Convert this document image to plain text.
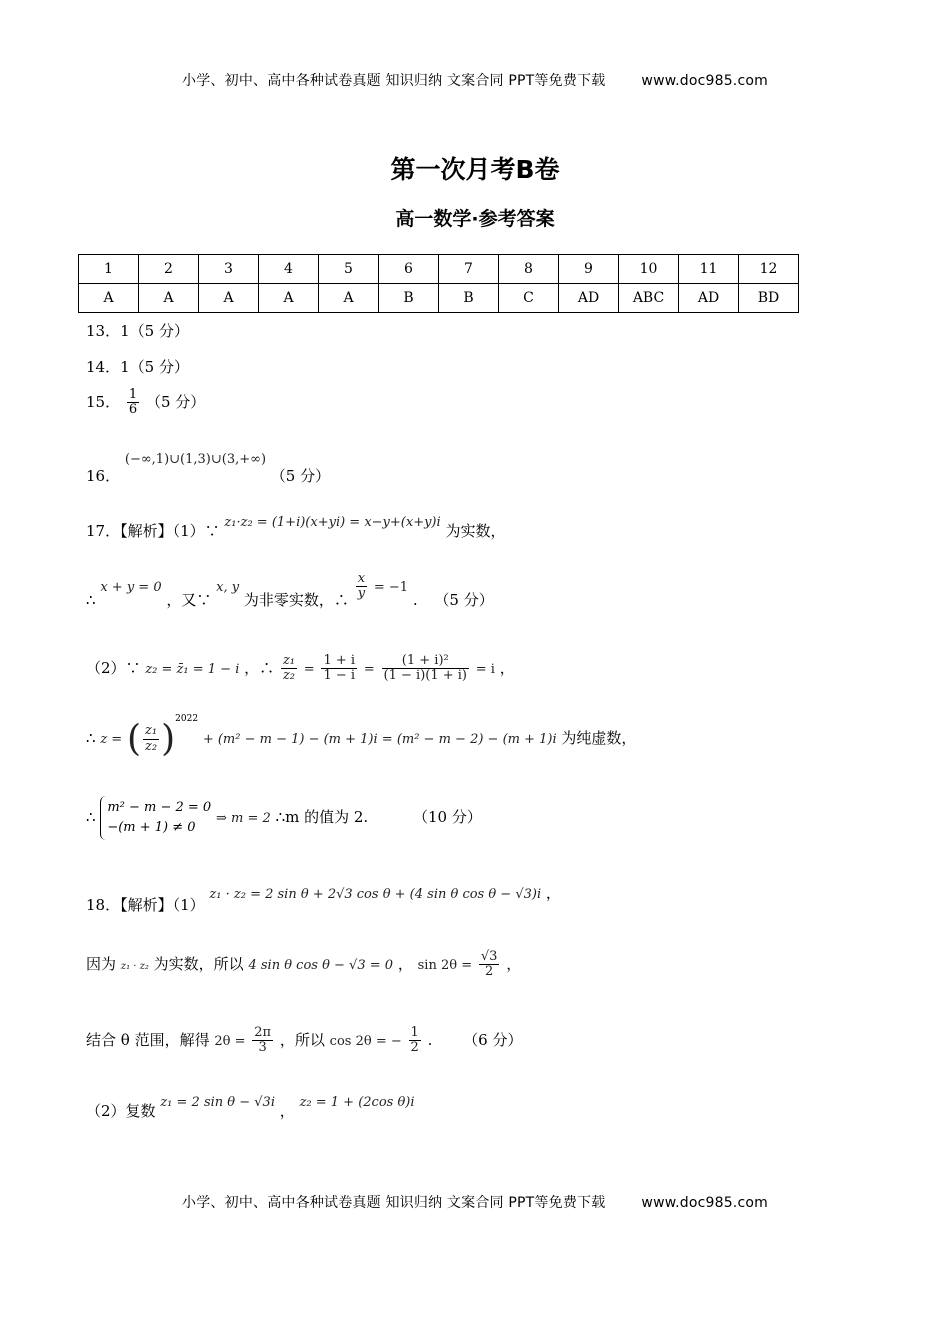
小学、初中、高中各种试卷真题 知识归纳 文案合同 PPT等免费下载	www.doc985.com
第一次月考B卷
高一数学·参考答案
1	2	3	4	5	6	7	8	9	10	11	12
A	A	A	A	A	B	B	C	AD	ABC	AD	BD
13．1（5 分）
14．1（5 分）
15． $\frac{1}{6} (5$ 分）
16． (−∞,1)∪(1,3)∪(3,+∞) （5 分）
17．【解析】（1）∵ z₁·z₂ = (1+i)(x+yi) = x−y+(x+y)i 为实数，
∴ x + y = 0 ，又∵ x, y 为非零实数，∴ $\frac{x}{y} = -1$ . （5 分）
（2）∵ z₂ = z̄₁ = 1 − i ，∴ $\frac{\text{z₁}}{\text{z₂}} = \frac{1 + i}{1 - i} = \frac{\text{(1 + i)²}}{(1 - i)(1 + i)} = i$ ，
∴ z = ( $\frac{\text{z₁}}{\text{z₂}} )^{2022} + (m^2 - m - 1) - (m + 1)i = (m^2 - m - 2) - (m + 1)i$ 为纯虚数，
∴
m² − m − 2 = 0
−(m + 1) ≠ 0
⇒ m = 2 ∴m 的值为 2.	（10 分）
18．【解析】（1） z₁ · z₂ = 2 sin θ + 2√3 cos θ + (4 sin θ cos θ − √3)i ，
因为 z₁ · z₂ 为实数，所以 4 sin θ cos θ − √3 = 0 ， $\sin 2\theta = \frac{√3}{2}$ ，
结合 θ 范围，解得 $2\theta = \frac{2\pi}{3}$ ，所以 cos 2θ = − $\frac{1}{2}$ . （6 分）
（2）复数 z₁ = 2 sin θ − √3i ， z₂ = 1 + (2cos θ)i
小学、初中、高中各种试卷真题 知识归纳 文案合同 PPT等免费下载	www.doc985.com
